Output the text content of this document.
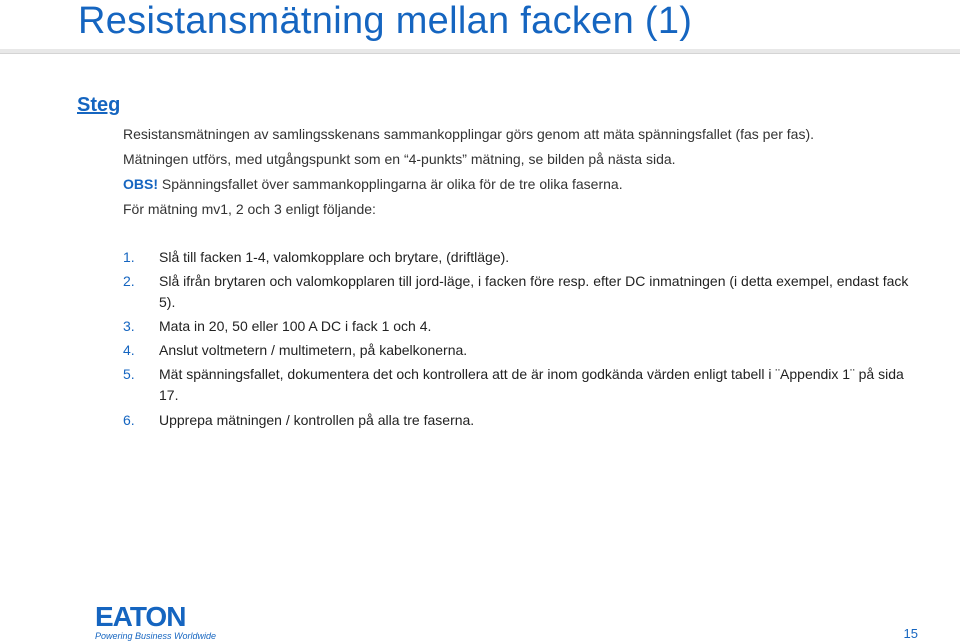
Resistansmätning mellan facken (1)
Steg

Resistansmätningen av samlingsskenans sammankopplingar görs genom att mäta spänningsfallet (fas per fas).

Mätningen utförs, med utgångspunkt som en “4-punkts” mätning, se bilden på nästa sida.

OBS! Spänningsfallet över sammankopplingarna är olika för de tre olika faserna.

För mätning mv1, 2 och 3 enligt följande:

1.	Slå till facken 1-4, valomkopplare och brytare, (driftläge).
2.	Slå ifrån brytaren och valomkopplaren till jord-läge, i facken före resp. efter DC inmatningen (i detta exempel, endast fack 5).
3.	Mata in 20, 50 eller 100 A DC i fack 1 och 4.
4.	Anslut voltmetern / multimetern, på kabelkonerna.
5.	Mät spänningsfallet, dokumentera det och kontrollera att de är inom godkända värden enligt tabell i ¨Appendix 1¨ på sida 17.
6.	Upprepa mätningen / kontrollen på alla tre faserna.
EATON
Powering Business Worldwide	15
